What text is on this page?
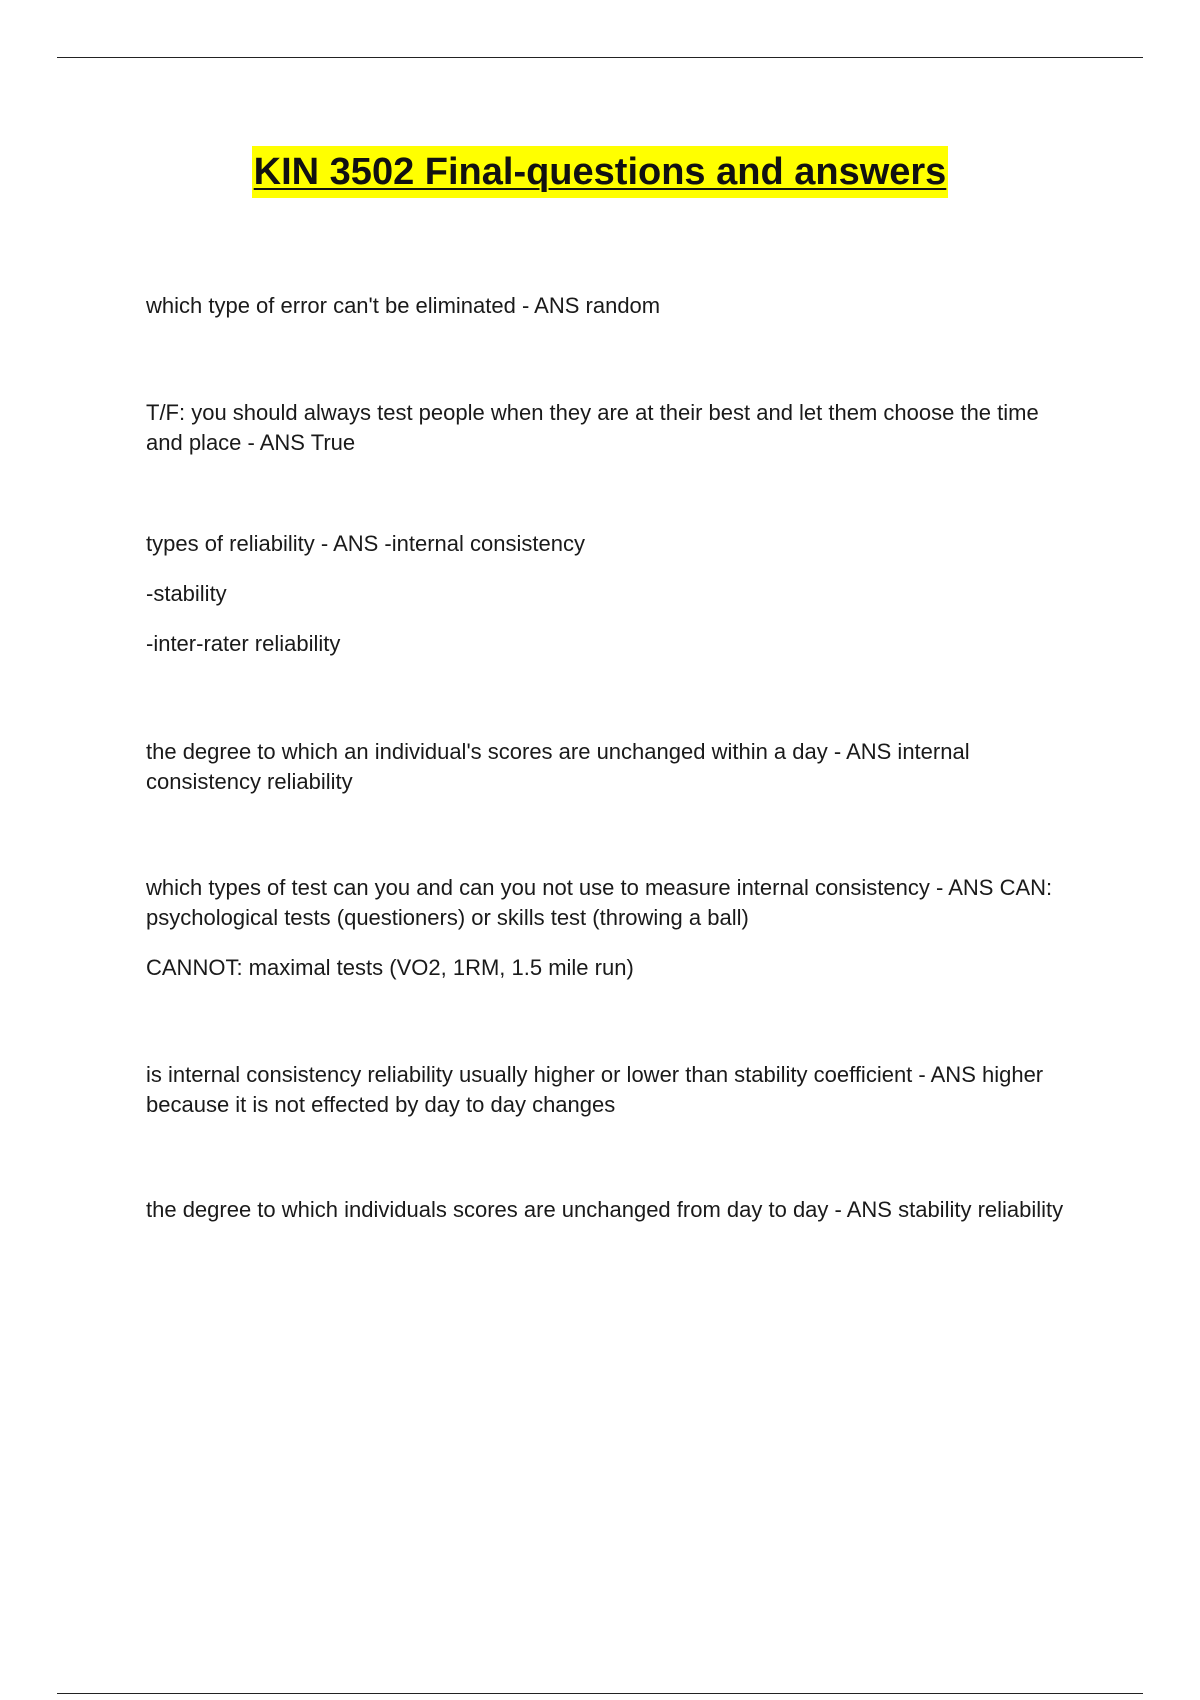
KIN 3502 Final-questions and answers

which type of error can't be eliminated - ANS random

T/F: you should always test people when they are at their best and let them choose the time and place - ANS True

types of reliability - ANS -internal consistency

-stability

-inter-rater reliability

the degree to which an individual's scores are unchanged within a day - ANS internal consistency reliability

which types of test can you and can you not use to measure internal consistency - ANS CAN: psychological tests (questioners) or skills test (throwing a ball)

CANNOT: maximal tests (VO2, 1RM, 1.5 mile run)

is internal consistency reliability usually higher or lower than stability coefficient - ANS higher because it is not effected by day to day changes

the degree to which individuals scores are unchanged from day to day - ANS stability reliability
